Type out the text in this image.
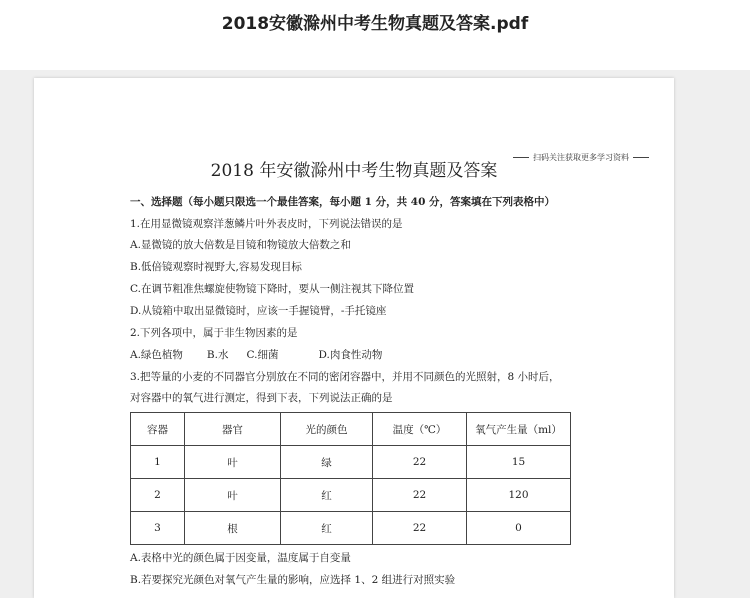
2018安徽滁州中考生物真题及答案.pdf
扫码关注获取更多学习资料
2018 年安徽滁州中考生物真题及答案
一、选择题（每小题只限选一个最佳答案，每小题 1 分，共 40 分，答案填在下列表格中）
1.在用显微镜观察洋葱鳞片叶外表皮时，下列说法错误的是
A.显微镜的放大倍数是目镜和物镜放大倍数之和
B.低倍镜观察时视野大,容易发现目标
C.在调节粗准焦螺旋使物镜下降时，要从一侧注视其下降位置
D.从镜箱中取出显微镜时，应该一手握镜臂，-手托镜座
2.下列各项中，属于非生物因素的是
A.绿色植物 B.水 C.细菌	D.肉食性动物
3.把等量的小麦的不同器官分别放在不同的密闭容器中，并用不同颜色的光照射，8 小时后，
对容器中的氧气进行测定，得到下表，下列说法正确的是
容器	器官	光的颜色	温度（℃）	氧气产生量（ml）
1	叶	绿	22	15
2	叶	红	22	120
3	根	红	22	0
A.表格中光的颜色属于因变量，温度属于自变量
B.若要探究光颜色对氧气产生量的影响，应选择 1、2 组进行对照实验
